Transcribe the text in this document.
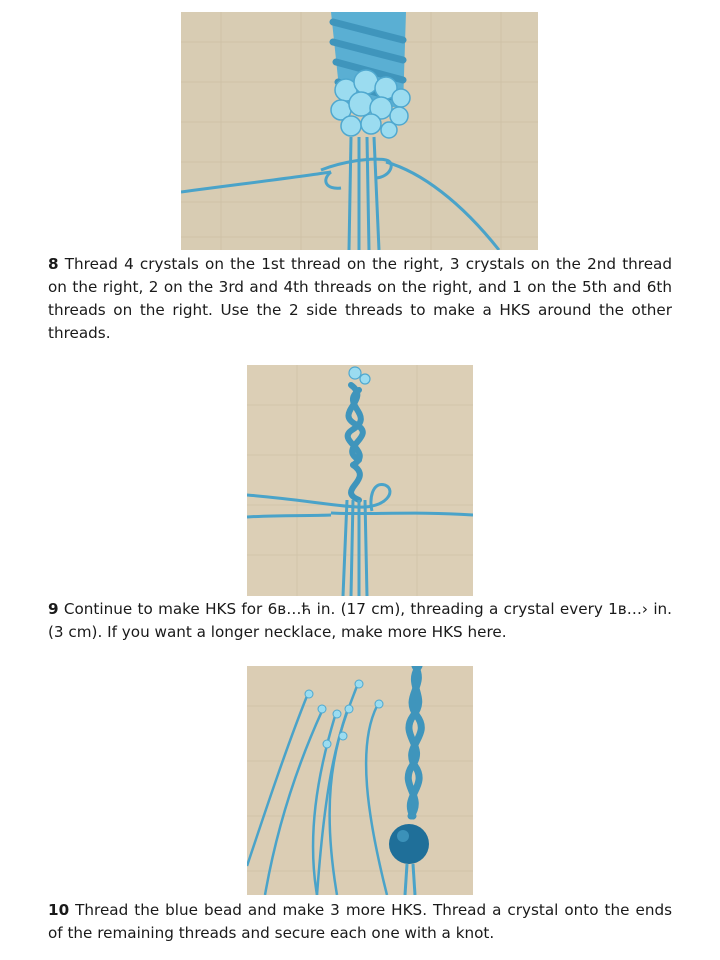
8 Thread 4 crystals on the 1st thread on the right, 3 crystals on the 2nd thread on the right, 2 on the 3rd and 4th threads on the right, and 1 on the 5th and 6th threads on the right. Use the 2 side threads to make a HKS around the other threads.

9 Continue to make HKS for 6в…ћ in. (17 cm), threading a crystal every 1в…› in. (3 cm). If you want a longer necklace, make more HKS here.

10 Thread the blue bead and make 3 more HKS. Thread a crystal onto the ends of the remaining threads and secure each one with a knot.
